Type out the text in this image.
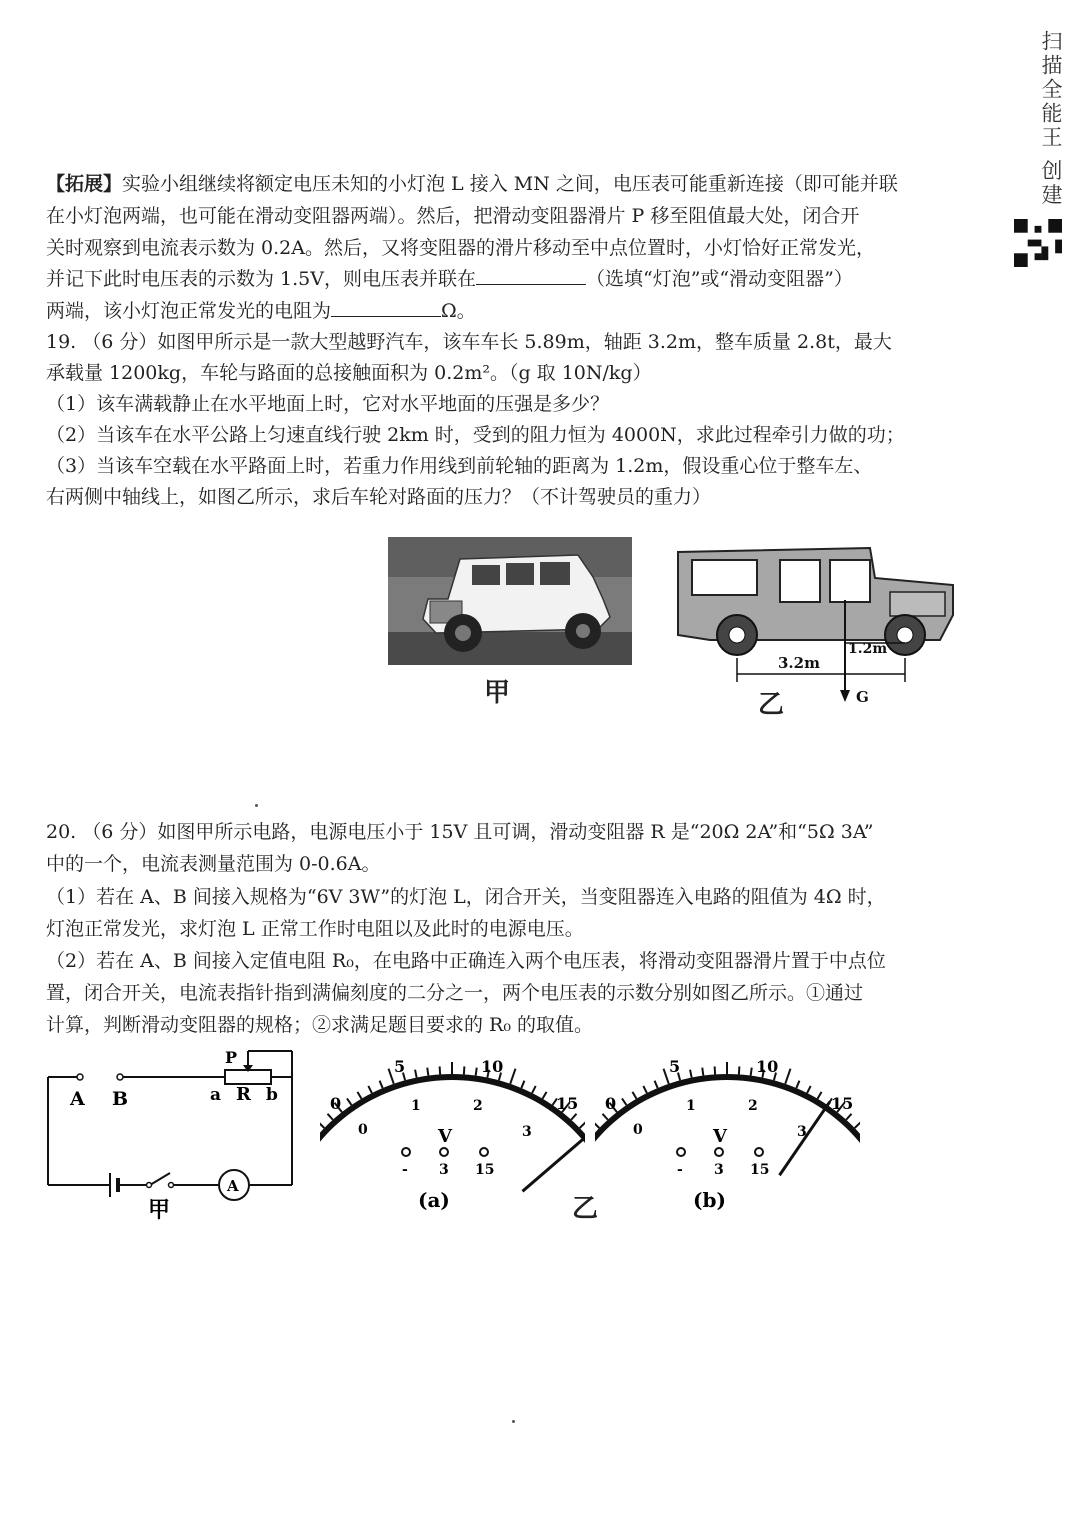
扫描全能王 创建
【拓展】实验小组继续将额定电压未知的小灯泡 L 接入 MN 之间，电压表可能重新连接（即可能并联
在小灯泡两端，也可能在滑动变阻器两端）。然后，把滑动变阻器滑片 P 移至阻值最大处，闭合开
关时观察到电流表示数为 0.2A。然后，又将变阻器的滑片移动至中点位置时，小灯恰好正常发光，
并记下此时电压表的示数为 1.5V，则电压表并联在	（选填“灯泡”或“滑动变阻器”）
两端，该小灯泡正常发光的电阻为	Ω。
19. （6 分）如图甲所示是一款大型越野汽车，该车车长 5.89m，轴距 3.2m，整车质量 2.8t，最大
承载量 1200kg，车轮与路面的总接触面积为 0.2m²。（g 取 10N/kg）
（1）该车满载静止在水平地面上时，它对水平地面的压强是多少？
（2）当该车在水平公路上匀速直线行驶 2km 时，受到的阻力恒为 4000N，求此过程牵引力做的功；
（3）当该车空载在水平路面上时，若重力作用线到前轮轴的距离为 1.2m，假设重心位于整车左、
右两侧中轴线上，如图乙所示，求后车轮对路面的压力？（不计驾驶员的重力）
甲
3.2m
1.2m
G
乙
20. （6 分）如图甲所示电路，电源电压小于 15V 且可调，滑动变阻器 R 是“20Ω 2A”和“5Ω 3A”
中的一个，电流表测量范围为 0-0.6A。
（1）若在 A、B 间接入规格为“6V 3W”的灯泡 L，闭合开关，当变阻器连入电路的阻值为 4Ω 时，
灯泡正常发光，求灯泡 L 正常工作时电阻以及此时的电源电压。
（2）若在 A、B 间接入定值电阻 R₀，在电路中正确连入两个电压表，将滑动变阻器滑片置于中点位
置，闭合开关，电流表指针指到满偏刻度的二分之一，两个电压表的示数分别如图乙所示。①通过
计算，判断滑动变阻器的规格；②求满足题目要求的 R₀ 的取值。
A B
P
a R b
A
甲
0
5	10
15
0
1	2
3
V
- 3 15
(a)	乙
0
5	10
15
0
1	2
3
V
- 3 15
(b)
